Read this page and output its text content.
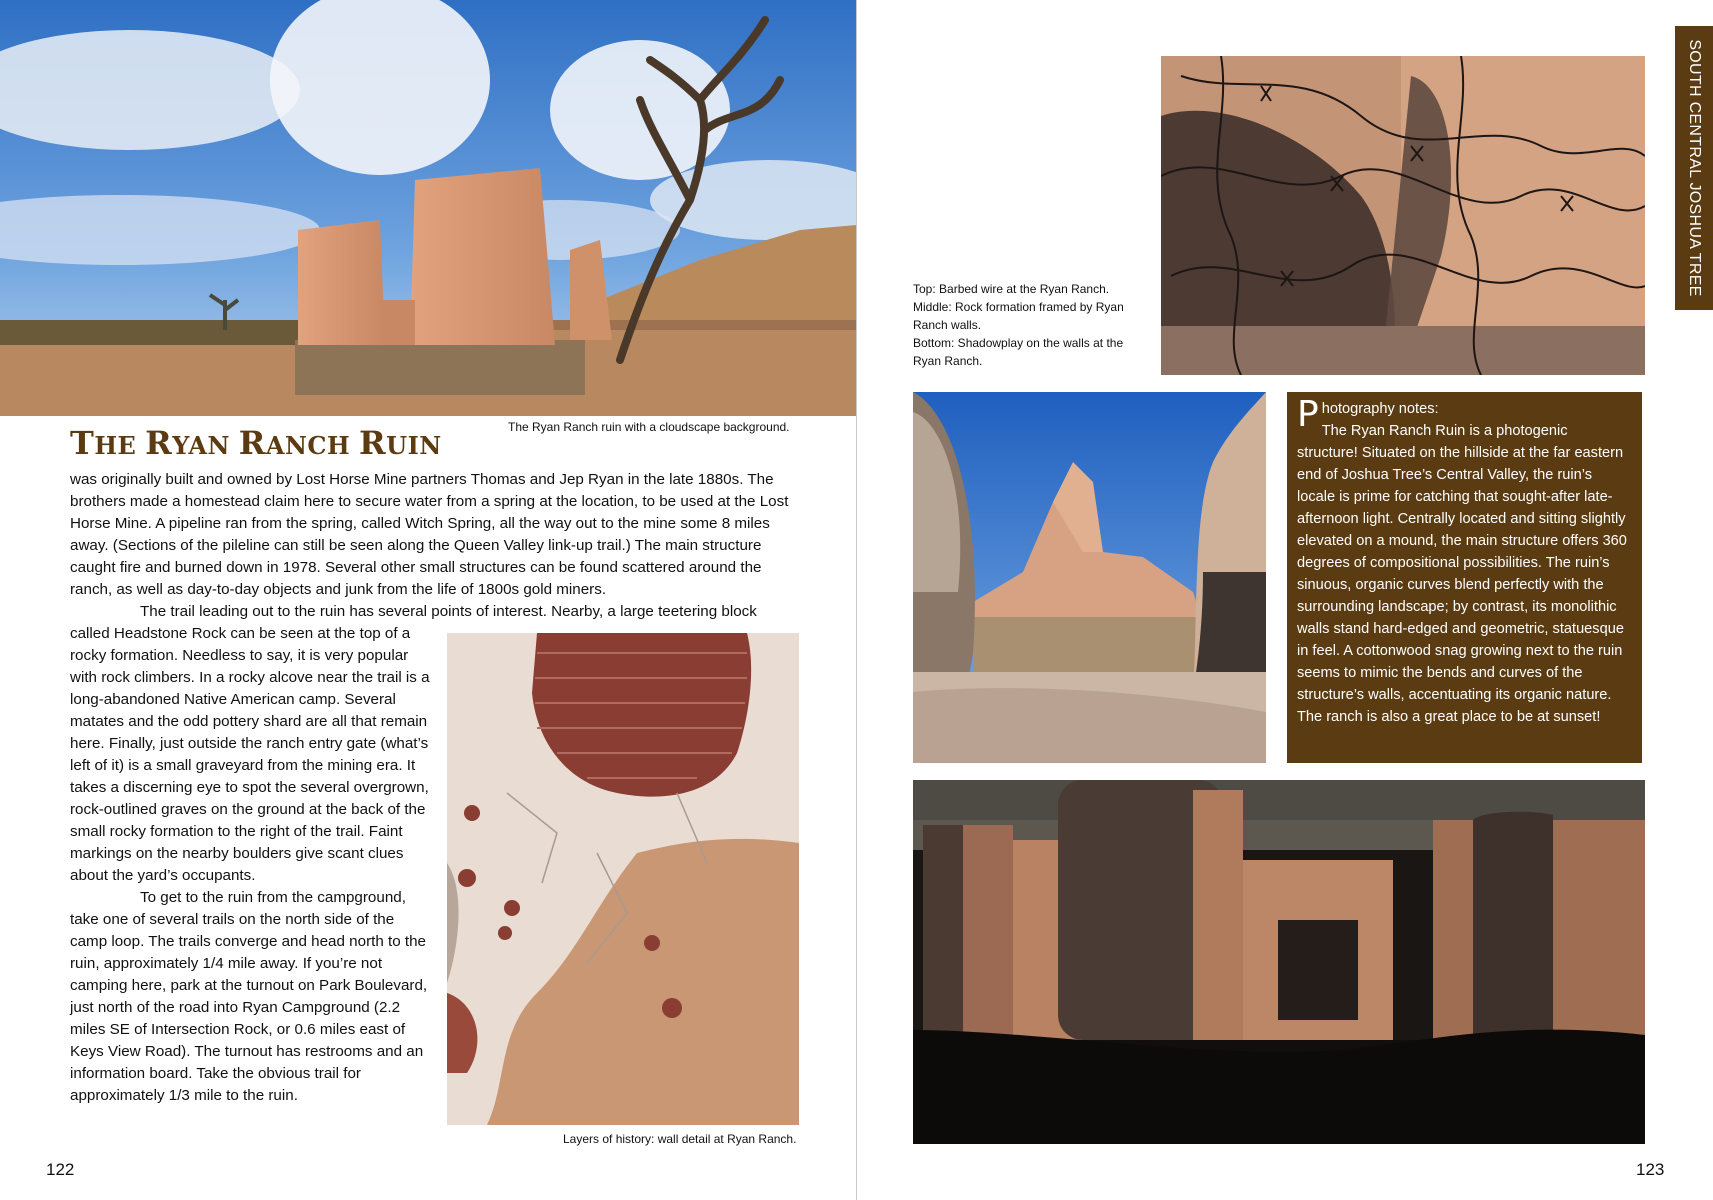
The Ryan Ranch ruin with a cloudscape background.
THE RYAN RANCH RUIN

was originally built and owned by Lost Horse Mine partners Thomas and Jep Ryan in the late 1880s. The brothers made a homestead claim here to secure water from a spring at the location, to be used at the Lost Horse Mine. A pipeline ran from the spring, called Witch Spring, all the way out to the mine some 8 miles away. (Sections of the pileline can still be seen along the Queen Valley link-up trail.) The main structure caught fire and burned down in 1978. Several other small structures can be found scattered around the ranch, as well as day-to-day objects and junk from the life of 1800s gold miners.

The trail leading out to the ruin has several points of interest. Nearby, a large teetering block

called Headstone Rock can be seen at the top of a rocky formation. Needless to say, it is very popular with rock climbers. In a rocky alcove near the trail is a long-abandoned Native American camp. Several matates and the odd pottery shard are all that remain here. Finally, just outside the ranch entry gate (what’s left of it) is a small graveyard from the mining era. It takes a discerning eye to spot the several overgrown, rock-outlined graves on the ground at the back of the small rocky formation to the right of the trail. Faint markings on the nearby boulders give scant clues about the yard’s occupants.

To get to the ruin from the campground, take one of several trails on the north side of the camp loop. The trails converge and head north to the ruin, approximately 1/4 mile away. If you’re not camping here, park at the turnout on Park Boulevard, just north of the road into Ryan Campground (2.2 miles SE of Intersection Rock, or 0.6 miles east of Keys View Road). The turnout has restrooms and an information board. Take the obvious trail for approximately 1/3 mile to the ruin.

Layers of history: wall detail at Ryan Ranch.
122
Top: Barbed wire at the Ryan Ranch.
Middle: Rock formation framed by Ryan Ranch walls.
Bottom: Shadowplay on the walls at the Ryan Ranch.
P hotography notes:
The Ryan Ranch Ruin is a photogenic structure! Situated on the hillside at the far eastern end of Joshua Tree’s Central Valley, the ruin’s locale is prime for catching that sought-after late-afternoon light. Centrally located and sitting slightly elevated on a mound, the main structure offers 360 degrees of compositional possibilities. The ruin’s sinuous, organic curves blend perfectly with the surrounding landscape; by contrast, its monolithic walls stand hard-edged and geometric, statuesque in feel. A cottonwood snag growing next to the ruin seems to mimic the bends and curves of the structure’s walls, accentuating its organic nature. The ranch is also a great place to be at sunset!
SOUTH CENTRAL JOSHUA TREE
123
